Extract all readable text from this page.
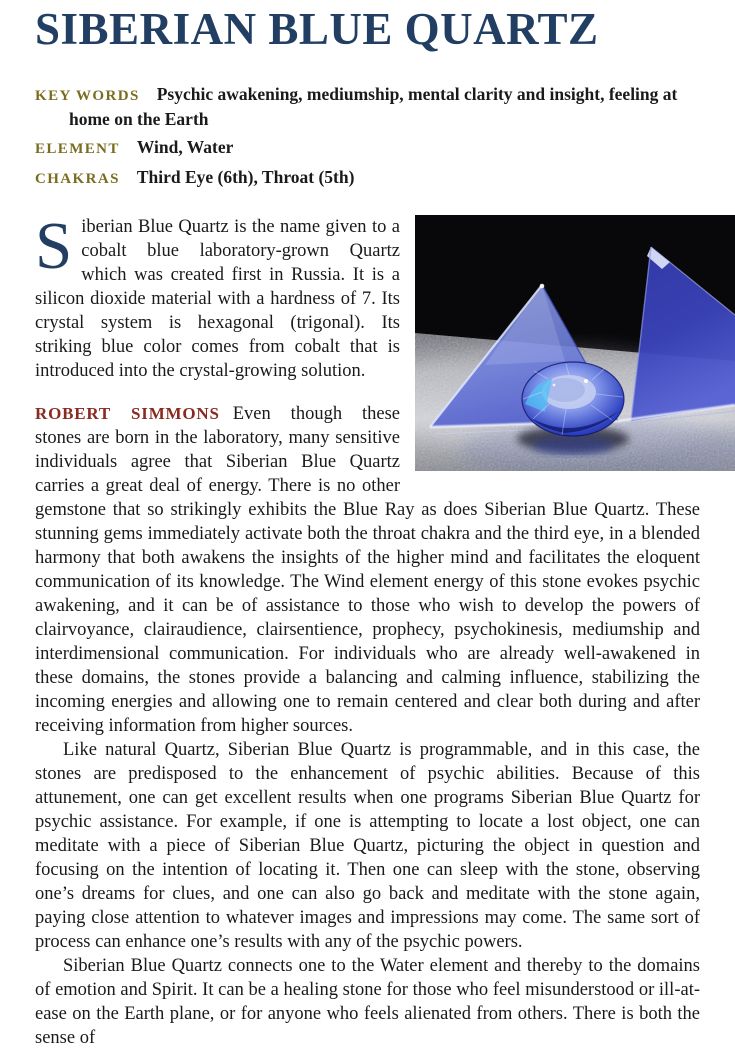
SIBERIAN BLUE QUARTZ

KEY WORDS Psychic awakening, mediumship, mental clarity and insight, feeling at home on the Earth

ELEMENT Wind, Water

CHAKRAS Third Eye (6th), Throat (5th)

Siberian Blue Quartz is the name given to a cobalt blue laboratory-grown Quartz which was created first in Russia. It is a silicon dioxide material with a hardness of 7. Its crystal system is hexagonal (trigonal). Its striking blue color comes from cobalt that is introduced into the crystal-growing solution.

ROBERT SIMMONS Even though these stones are born in the laboratory, many sensitive individuals agree that Siberian Blue Quartz carries a great deal of energy. There is no other gemstone that so strikingly exhibits the Blue Ray as does Siberian Blue Quartz. These stunning gems immediately activate both the throat chakra and the third eye, in a blended harmony that both awakens the insights of the higher mind and facilitates the eloquent communication of its knowledge. The Wind element energy of this stone evokes psychic awakening, and it can be of assistance to those who wish to develop the powers of clairvoyance, clairaudience, clairsentience, prophecy, psychokinesis, mediumship and interdimensional communication. For individuals who are already well-awakened in these domains, the stones provide a balancing and calming influence, stabilizing the incoming energies and allowing one to remain centered and clear both during and after receiving information from higher sources.

Like natural Quartz, Siberian Blue Quartz is programmable, and in this case, the stones are predisposed to the enhancement of psychic abilities. Because of this attunement, one can get excellent results when one programs Siberian Blue Quartz for psychic assistance. For example, if one is attempting to locate a lost object, one can meditate with a piece of Siberian Blue Quartz, picturing the object in question and focusing on the intention of locating it. Then one can sleep with the stone, observing one’s dreams for clues, and one can also go back and meditate with the stone again, paying close attention to whatever images and impressions may come. The same sort of process can enhance one’s results with any of the psychic powers.

Siberian Blue Quartz connects one to the Water element and thereby to the domains of emotion and Spirit. It can be a healing stone for those who feel misunderstood or ill-at-ease on the Earth plane, or for anyone who feels alienated from others. There is both the sense of
